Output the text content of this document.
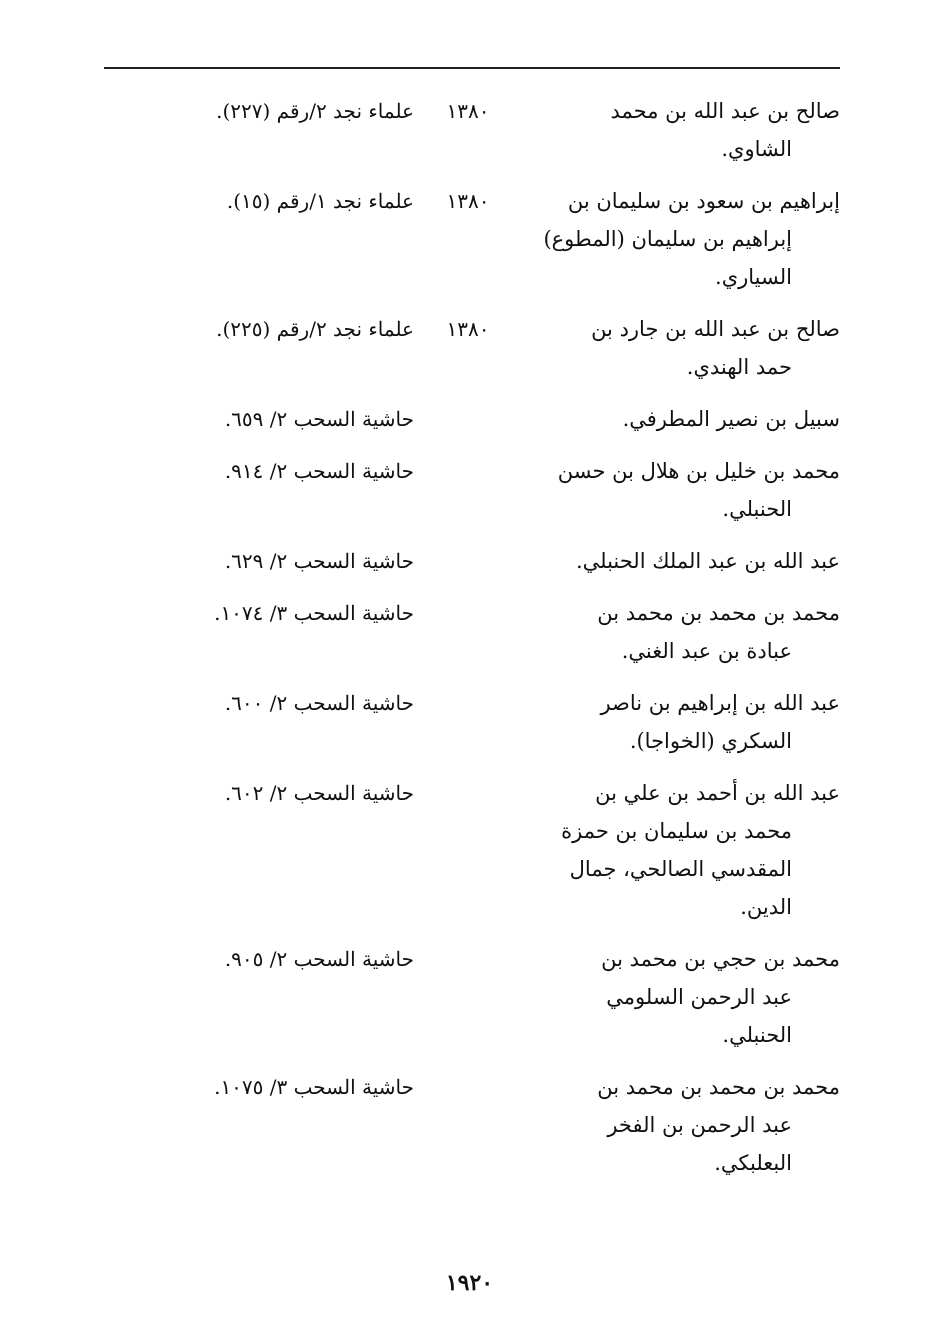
صالح بن عبد الله بن محمد
الشاوي.
١٣٨٠
علماء نجد ٢/رقم (٢٢٧).
إبراهيم بن سعود بن سليمان بن
إبراهيم بن سليمان (المطوع)
السياري.
١٣٨٠
علماء نجد ١/رقم (١٥).
صالح بن عبد الله بن جارد بن
حمد الهندي.
١٣٨٠
علماء نجد ٢/رقم (٢٢٥).
سبيل بن نصير المطرفي.
حاشية السحب ٢/ ٦٥٩.
محمد بن خليل بن هلال بن حسن
الحنبلي.
حاشية السحب ٢/ ٩١٤.
عبد الله بن عبد الملك الحنبلي.
حاشية السحب ٢/ ٦٢٩.
محمد بن محمد بن محمد بن
عبادة بن عبد الغني.
حاشية السحب ٣/ ١٠٧٤.
عبد الله بن إبراهيم بن ناصر
السكري (الخواجا).
حاشية السحب ٢/ ٦٠٠.
عبد الله بن أحمد بن علي بن
محمد بن سليمان بن حمزة
المقدسي الصالحي، جمال
الدين.
حاشية السحب ٢/ ٦٠٢.
محمد بن حجي بن محمد بن
عبد الرحمن السلومي
الحنبلي.
حاشية السحب ٢/ ٩٠٥.
محمد بن محمد بن محمد بن
عبد الرحمن بن الفخر
البعلبكي.
حاشية السحب ٣/ ١٠٧٥.
١٩٢٠
